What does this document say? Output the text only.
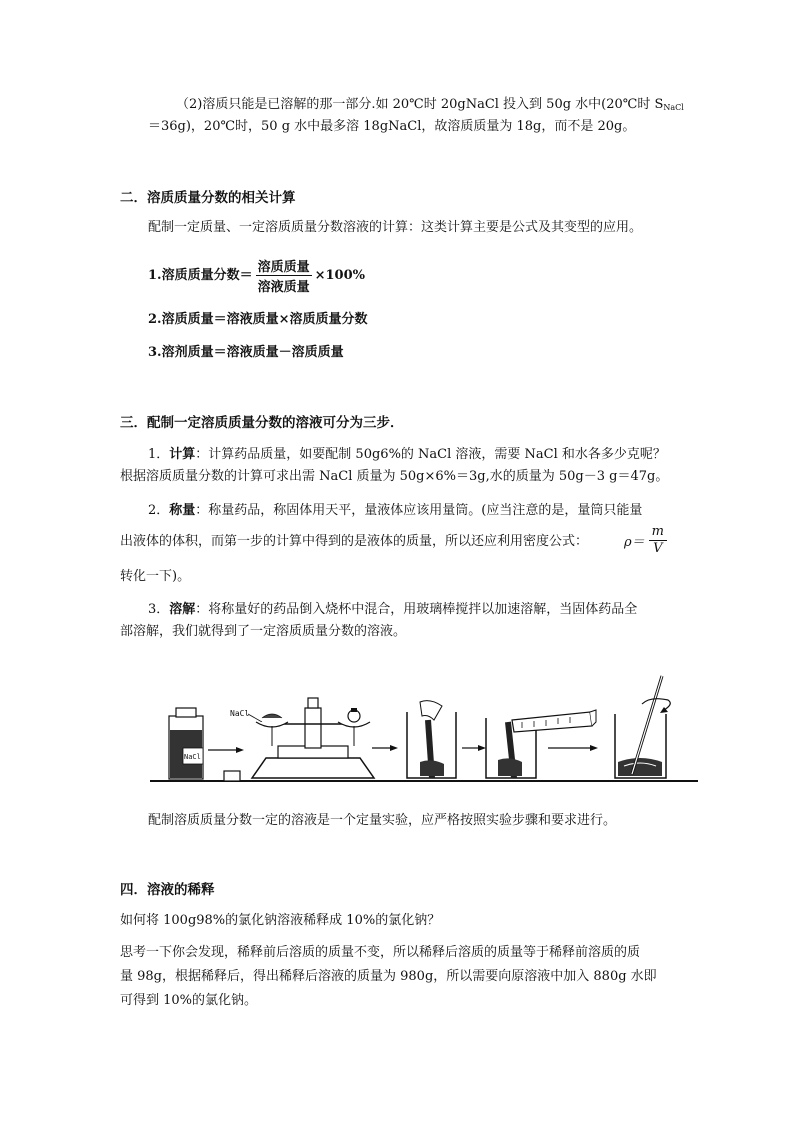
（2)溶质只能是已溶解的那一部分.如 20℃时 20gNaCl 投入到 50g 水中(20℃时 $S_{NaCl}$
＝36g)，20℃时，50 g 水中最多溶 18gNaCl，故溶质质量为 18g，而不是 20g。
二．溶质质量分数的相关计算
配制一定质量、一定溶质质量分数溶液的计算：这类计算主要是公式及其变型的应用。
1.溶质质量分数＝ $\frac{\text{溶质质量}}{\text{溶液质量}} \times 100\%$
2.溶质质量＝溶液质量×溶质质量分数
3.溶剂质量＝溶液质量－溶质质量
三．配制一定溶质质量分数的溶液可分为三步．
1．计算：计算药品质量，如要配制 50g6%的 NaCl 溶液，需要 NaCl 和水各多少克呢？
根据溶质质量分数的计算可求出需 NaCl 质量为 50g×6%＝3g,水的质量为 50g－3 g＝47g。
2．称量：称量药品，称固体用天平，量液体应该用量筒。(应当注意的是，量筒只能量
出液体的体积，而第一步的计算中得到的是液体的质量，所以还应利用密度公式：	$\rho= \frac{m}{V}$
转化一下)。
3．溶解：将称量好的药品倒入烧杯中混合，用玻璃棒搅拌以加速溶解，当固体药品全
部溶解，我们就得到了一定溶质质量分数的溶液。
NaCl
NaCl
配制溶质质量分数一定的溶液是一个定量实验，应严格按照实验步骤和要求进行。
四．溶液的稀释
如何将 100g98%的氯化钠溶液稀释成 10%的氯化钠？
思考一下你会发现，稀释前后溶质的质量不变，所以稀释后溶质的质量等于稀释前溶质的质
量 98g，根据稀释后，得出稀释后溶液的质量为 980g，所以需要向原溶液中加入 880g 水即
可得到 10%的氯化钠。
